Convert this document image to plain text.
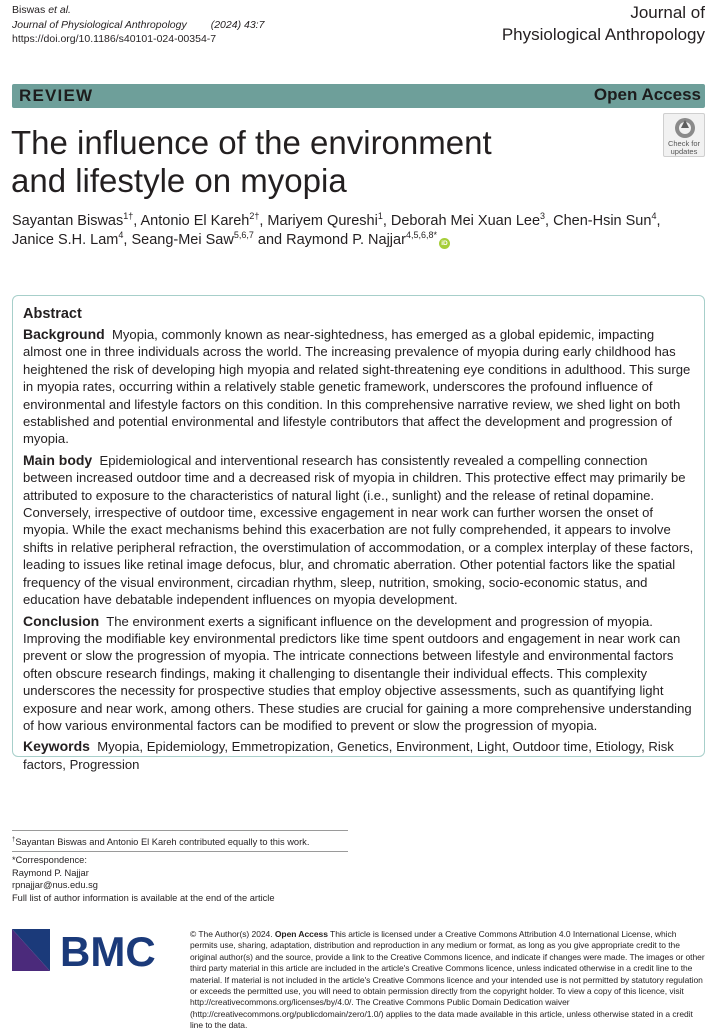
Biswas et al.
Journal of Physiological Anthropology (2024) 43:7
https://doi.org/10.1186/s40101-024-00354-7
Journal of
Physiological Anthropology
REVIEW	Open Access
The influence of the environment
and lifestyle on myopia
Check for
updates
Sayantan Biswas$^{1\dagger}$, Antonio El Kareh$^{2\dagger}$, Mariyem Qureshi$^1$, Deborah Mei Xuan Lee$^3$, Chen-Hsin Sun$^4$,
Janice S.H. Lam$^4$, Seang-Mei Saw$^{5,6,7}$ and Raymond P. Najjar$^{4,5,6,8*}$iD
Abstract

Background Myopia, commonly known as near-sightedness, has emerged as a global epidemic, impacting almost one in three individuals across the world. The increasing prevalence of myopia during early childhood has heightened the risk of developing high myopia and related sight-threatening eye conditions in adulthood. This surge in myopia rates, occurring within a relatively stable genetic framework, underscores the profound influence of environmental and lifestyle factors on this condition. In this comprehensive narrative review, we shed light on both established and potential environmental and lifestyle contributors that affect the development and progression of myopia.

Main body Epidemiological and interventional research has consistently revealed a compelling connection between increased outdoor time and a decreased risk of myopia in children. This protective effect may primarily be attributed to exposure to the characteristics of natural light (i.e., sunlight) and the release of retinal dopamine. Conversely, irrespective of outdoor time, excessive engagement in near work can further worsen the onset of myopia. While the exact mechanisms behind this exacerbation are not fully comprehended, it appears to involve shifts in relative peripheral refraction, the overstimulation of accommodation, or a complex interplay of these factors, leading to issues like retinal image defocus, blur, and chromatic aberration. Other potential factors like the spatial frequency of the visual environment, circadian rhythm, sleep, nutrition, smoking, socio-economic status, and education have debatable independent influences on myopia development.

Conclusion The environment exerts a significant influence on the development and progression of myopia. Improving the modifiable key environmental predictors like time spent outdoors and engagement in near work can prevent or slow the progression of myopia. The intricate connections between lifestyle and environmental factors often obscure research findings, making it challenging to disentangle their individual effects. This complexity underscores the necessity for prospective studies that employ objective assessments, such as quantifying light exposure and near work, among others. These studies are crucial for gaining a more comprehensive understanding of how various environmental factors can be modified to prevent or slow the progression of myopia.

Keywords Myopia, Epidemiology, Emmetropization, Genetics, Environment, Light, Outdoor time, Etiology, Risk factors, Progression

†Sayantan Biswas and Antonio El Kareh contributed equally to this work.
*Correspondence:
Raymond P. Najjar
rpnajjar@nus.edu.sg
Full list of author information is available at the end of the article
BMC	© The Author(s) 2024. Open Access This article is licensed under a Creative Commons Attribution 4.0 International License, which permits use, sharing, adaptation, distribution and reproduction in any medium or format, as long as you give appropriate credit to the original author(s) and the source, provide a link to the Creative Commons licence, and indicate if changes were made. The images or other third party material in this article are included in the article's Creative Commons licence, unless indicated otherwise in a credit line to the material. If material is not included in the article's Creative Commons licence and your intended use is not permitted by statutory regulation or exceeds the permitted use, you will need to obtain permission directly from the copyright holder. To view a copy of this licence, visit http://creativecommons.org/licenses/by/4.0/. The Creative Commons Public Domain Dedication waiver (http://creativecommons.org/publicdomain/zero/1.0/) applies to the data made available in this article, unless otherwise stated in a credit line to the data.
